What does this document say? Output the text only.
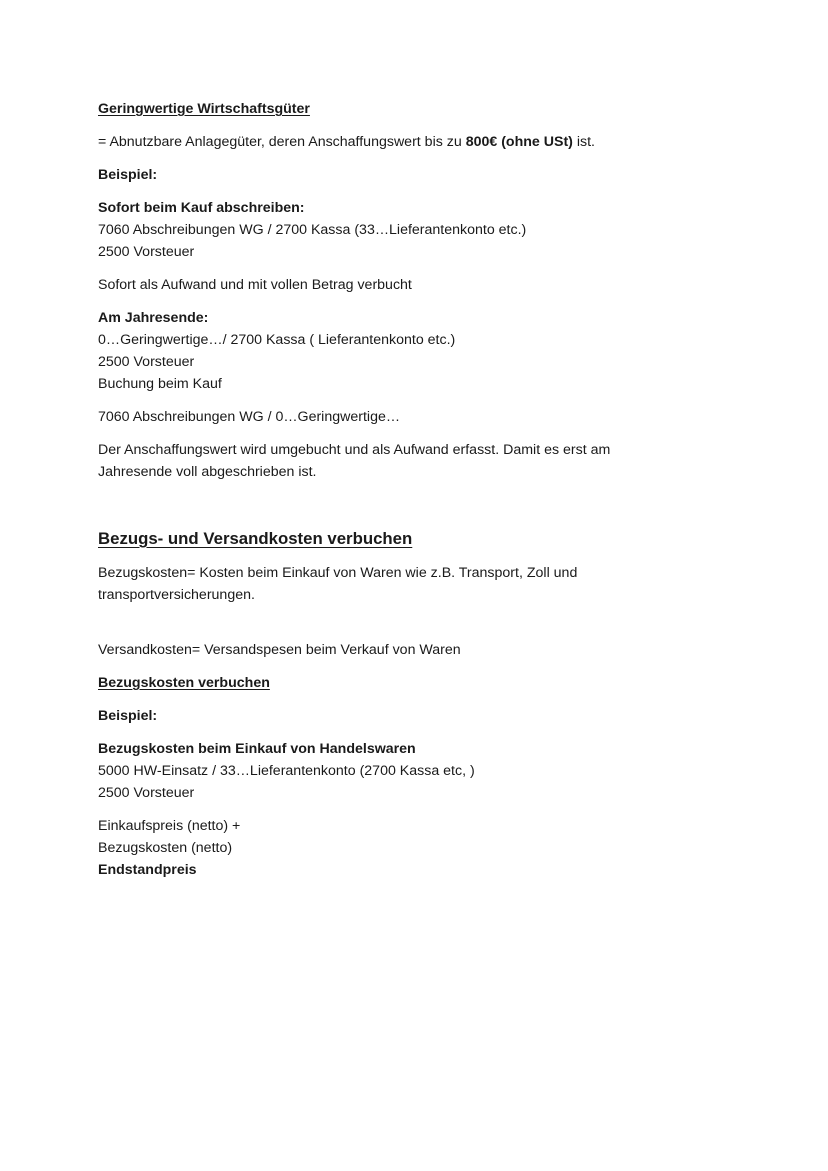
Geringwertige Wirtschaftsgüter

= Abnutzbare Anlagegüter, deren Anschaffungswert bis zu 800€ (ohne USt) ist.

Beispiel:

Sofort beim Kauf abschreiben:

7060 Abschreibungen WG / 2700 Kassa (33…Lieferantenkonto etc.)

2500 Vorsteuer

Sofort als Aufwand und mit vollen Betrag verbucht

Am Jahresende:

0…Geringwertige…/ 2700 Kassa ( Lieferantenkonto etc.)

2500 Vorsteuer

Buchung beim Kauf

7060 Abschreibungen WG / 0…Geringwertige…

Der Anschaffungswert wird umgebucht und als Aufwand erfasst. Damit es erst am

Jahresende voll abgeschrieben ist.

Bezugs- und Versandkosten verbuchen

Bezugskosten= Kosten beim Einkauf von Waren wie z.B. Transport, Zoll und

transportversicherungen.

Versandkosten= Versandspesen beim Verkauf von Waren

Bezugskosten verbuchen

Beispiel:

Bezugskosten beim Einkauf von Handelswaren

5000 HW-Einsatz / 33…Lieferantenkonto (2700 Kassa etc, )

2500 Vorsteuer

Einkaufspreis (netto) +

Bezugskosten (netto)

Endstandpreis
